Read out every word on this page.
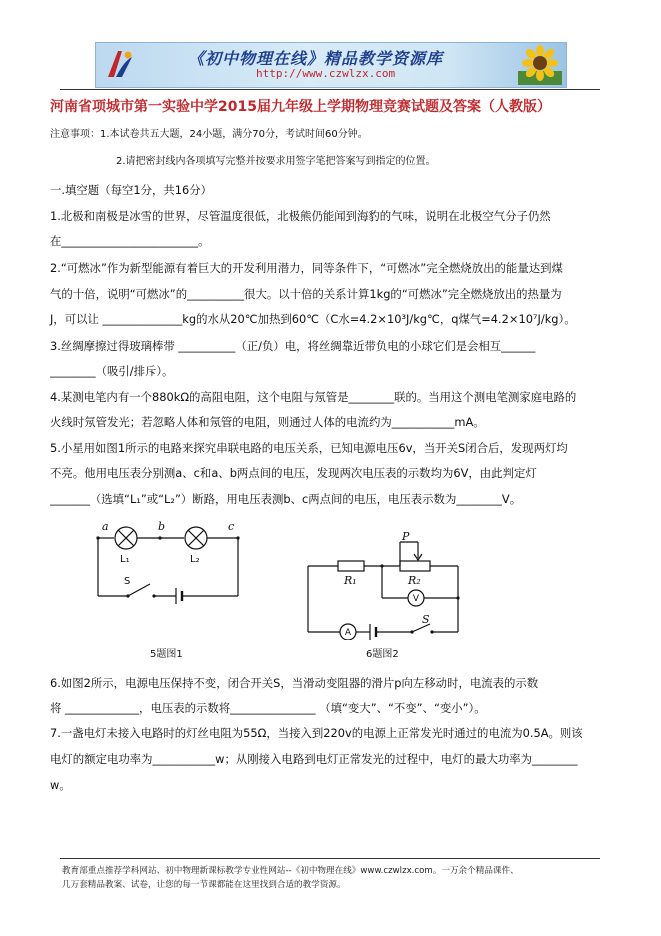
《初中物理在线》精品教学资源库
http://www.czwlzx.com
河南省项城市第一实验中学2015届九年级上学期物理竞赛试题及答案（人教版）
注意事项：1.本试卷共五大题，24小题，满分70分，考试时间60分钟。
2.请把密封线内各项填写完整并按要求用签字笔把答案写到指定的位置。
一.填空题（每空1分，共16分）
1.北极和南极是冰雪的世界，尽管温度很低，北极熊仍能闻到海豹的气味，说明在北极空气分子仍然
在________________________。
2.“可燃冰”作为新型能源有着巨大的开发利用潜力，同等条件下，“可燃冰”完全燃烧放出的能量达到煤
气的十倍，说明“可燃冰”的__________很大。以十倍的关系计算1kg的“可燃冰”完全燃烧放出的热量为
J，可以让 ______________kg的水从20℃加热到60℃（C水=4.2×10³J/kg℃，q煤气=4.2×10⁷J/kg）。
3.丝绸摩擦过得玻璃棒带 __________（正/负）电，将丝绸靠近带负电的小球它们是会相互______
________（吸引/排斥）。
4.某测电笔内有一个880kΩ的高阻电阻，这个电阻与氖管是________联的。当用这个测电笔测家庭电路的
火线时氖管发光；若忽略人体和氖管的电阻，则通过人体的电流约为___________mA。
5.小星用如图1所示的电路来探究串联电路的电压关系，已知电源电压6v，当开关S闭合后，发现两灯均
不亮。他用电压表分别测a、c和a、b两点间的电压，发现两次电压表的示数均为6V，由此判定灯
_______（选填“L₁”或“L₂”）断路，用电压表测b、c两点间的电压，电压表示数为________V。
a	b	c
L₁	L₂
S
5题图1
P
R₁	R₂
S
V
A
6题图2
6.如图2所示，电源电压保持不变，闭合开关S，当滑动变阻器的滑片p向左移动时，电流表的示数
将 _____________，电压表的示数将_______________ （填“变大”、“不变”、“变小”）。
7.一盏电灯未接入电路时的灯丝电阻为55Ω，当接入到220v的电源上正常发光时通过的电流为0.5A。则该
电灯的额定电功率为___________w；从刚接入电路到电灯正常发光的过程中，电灯的最大功率为________
w。
教育部重点推荐学科网站、初中物理新课标教学专业性网站--《初中物理在线》www.czwlzx.com。一万余个精品课件、
几万套精品教案、试卷，让您的每一节课都能在这里找到合适的教学资源。
